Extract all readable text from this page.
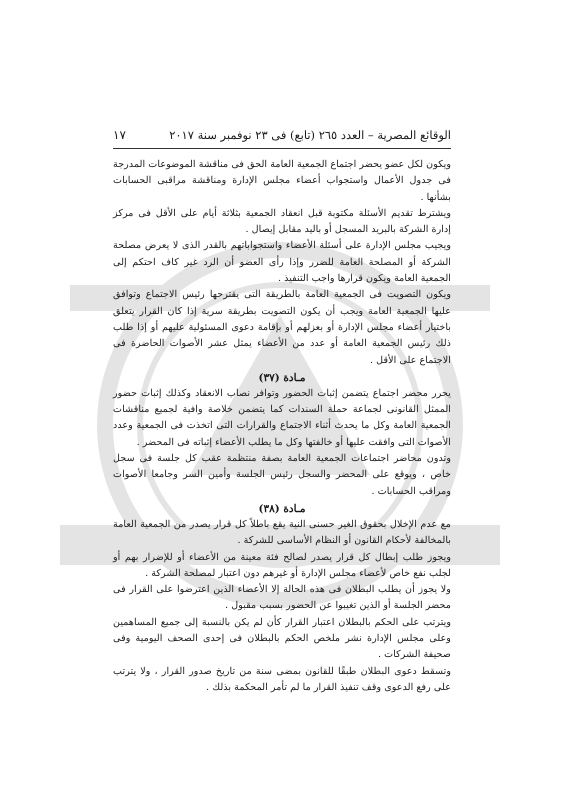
الوقائع المصرية – العدد ٢٦٥ (تابع) فى ٢٣ نوفمبر سنة ٢٠١٧
١٧

ويكون لكل عضو يحضر اجتماع الجمعية العامة الحق فى مناقشة الموضوعات المدرجة فى جدول الأعمال واستجواب أعضاء مجلس الإدارة ومناقشة مراقبى الحسابات بشأنها .

ويشترط تقديم الأسئلة مكتوبة قبل انعقاد الجمعية بثلاثة أيام على الأقل فى مركز إدارة الشركة بالبريد المسجل أو باليد مقابل إيصال .

ويجيب مجلس الإدارة على أسئلة الأعضاء واستجواباتهم بالقدر الذى لا يعرض مصلحة الشركة أو المصلحة العامة للضرر وإذا رأى العضو أن الرد غير كاف احتكم إلى الجمعية العامة ويكون قرارها واجب التنفيذ .

ويكون التصويت فى الجمعية العامة بالطريقة التى يقترحها رئيس الاجتماع وتوافق عليها الجمعية العامة ويجب أن يكون التصويت بطريقة سرية إذا كان القرار يتعلق باختيار أعضاء مجلس الإدارة أو بعزلهم أو بإقامة دعوى المسئولية عليهم أو إذا طلب ذلك رئيس الجمعية العامة أو عدد من الأعضاء يمثل عشر الأصوات الحاضرة فى الاجتماع على الأقل .

مـادة (٣٧)

يحرر محضر اجتماع يتضمن إثبات الحضور وتوافر نصاب الانعقاد وكذلك إثبات حضور الممثل القانونى لجماعة حملة السندات كما يتضمن خلاصة وافية لجميع مناقشات الجمعية العامة وكل ما يحدث أثناء الاجتماع والقرارات التى اتخذت فى الجمعية وعدد الأصوات التى وافقت عليها أو خالفتها وكل ما يطلب الأعضاء إثباته فى المحضر .

وتدون محاضر اجتماعات الجمعية العامة بصفة منتظمة عقب كل جلسة فى سجل خاص ، ويوقع على المحضر والسجل رئيس الجلسة وأمين السر وجامعا الأصوات ومراقب الحسابات .

مـادة (٣٨)

مع عدم الإخلال بحقوق الغير حسنى النية يقع باطلاً كل قرار يصدر من الجمعية العامة بالمخالفة لأحكام القانون أو النظام الأساسى للشركة .

ويجوز طلب إبطال كل قرار يصدر لصالح فئة معينة من الأعضاء أو للإضرار بهم أو لجلب نفع خاص لأعضاء مجلس الإدارة أو غيرهم دون اعتبار لمصلحة الشركة .

ولا يجوز أن يطلب البطلان فى هذه الحالة إلا الأعضاء الذين اعترضوا على القرار فى محضر الجلسة أو الذين تغيبوا عن الحضور بسبب مقبول .

ويترتب على الحكم بالبطلان اعتبار القرار كأن لم يكن بالنسبة إلى جميع المساهمين وعلى مجلس الإدارة نشر ملخص الحكم بالبطلان فى إحدى الصحف اليومية وفى صحيفة الشركات .

وتسقط دعوى البطلان طبقًا للقانون بمضى سنة من تاريخ صدور القرار ، ولا يترتب على رفع الدعوى وقف تنفيذ القرار ما لم تأمر المحكمة بذلك .
